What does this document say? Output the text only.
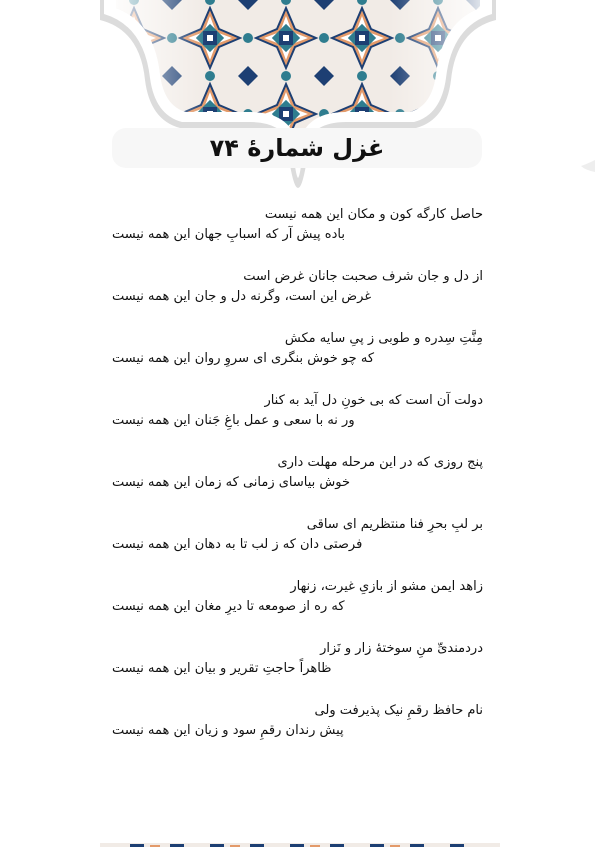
غزل شمارهٔ ۷۴
حاصل کارگه کون و مکان این همه نیست
باده پیش آر که اسبابِ جهان این همه نیست
از دل و جان شرف صحبت جانان غرض است
غرض این است، وگرنه دل و جان این همه نیست
مِنَّتِ سِدره و طوبی ز پیِ سایه مکش
که چو خوش بنگری ای سروِ روان این همه نیست
دولت آن است که بی خونِ دل آید به کنار
ور نه با سعی و عمل باغِ جَنان این همه نیست
پنج روزی که در این مرحله مهلت داری
خوش بیاسای زمانی که زمان این همه نیست
بر لبِ بحرِ فنا منتظریم ای ساقی
فرصتی دان که ز لب تا به دهان این همه نیست
زاهد ایمن مشو از بازیِ غیرت، زنهار
که ره از صومعه تا دیرِ مغان این همه نیست
دردمندیِّ منِ سوختهٔ زار و نَزار
ظاهراً حاجتِ تقریر و بیان این همه نیست
نام حافظ رقمِ نیک پذیرفت ولی
پیش رندان رقمِ سود و زیان این همه نیست
